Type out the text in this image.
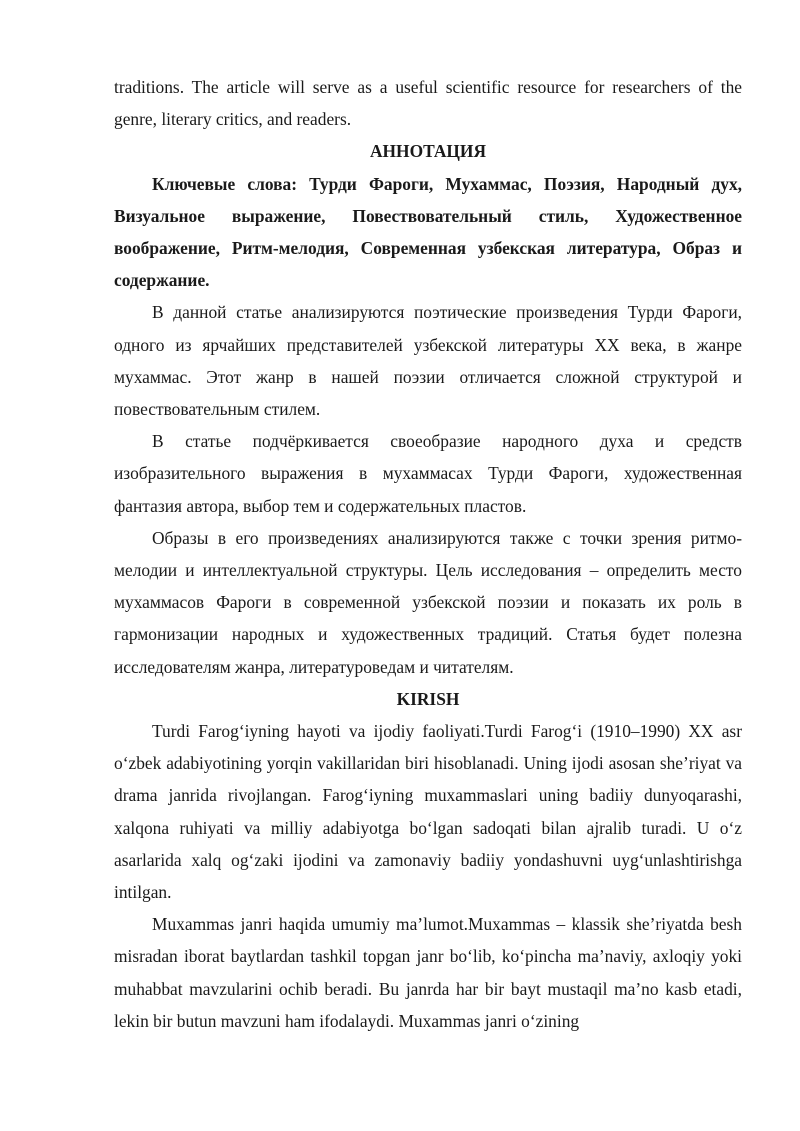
traditions. The article will serve as a useful scientific resource for researchers of the genre, literary critics, and readers.

АННОТАЦИЯ

Ключевые слова: Турди Фароги, Мухаммас, Поэзия, Народный дух, Визуальное выражение, Повествовательный стиль, Художественное воображение, Ритм-мелодия, Современная узбекская литература, Образ и содержание.

В данной статье анализируются поэтические произведения Турди Фароги, одного из ярчайших представителей узбекской литературы XX века, в жанре мухаммас. Этот жанр в нашей поэзии отличается сложной структурой и повествовательным стилем.

В статье подчёркивается своеобразие народного духа и средств изобразительного выражения в мухаммасах Турди Фароги, художественная фантазия автора, выбор тем и содержательных пластов.

Образы в его произведениях анализируются также с точки зрения ритмо-мелодии и интеллектуальной структуры. Цель исследования – определить место мухаммасов Фароги в современной узбекской поэзии и показать их роль в гармонизации народных и художественных традиций. Статья будет полезна исследователям жанра, литературоведам и читателям.

KIRISH

Turdi Farog‘iyning hayoti va ijodiy faoliyati.Turdi Farog‘i (1910–1990) XX asr o‘zbek adabiyotining yorqin vakillaridan biri hisoblanadi. Uning ijodi asosan she’riyat va drama janrida rivojlangan. Farog‘iyning muxammaslari uning badiiy dunyoqarashi, xalqona ruhiyati va milliy adabiyotga bo‘lgan sadoqati bilan ajralib turadi. U o‘z asarlarida xalq og‘zaki ijodini va zamonaviy badiiy yondashuvni uyg‘unlashtirishga intilgan.

Muxammas janri haqida umumiy ma’lumot.Muxammas – klassik she’riyatda besh misradan iborat baytlardan tashkil topgan janr bo‘lib, ko‘pincha ma’naviy, axloqiy yoki muhabbat mavzularini ochib beradi. Bu janrda har bir bayt mustaqil ma’no kasb etadi, lekin bir butun mavzuni ham ifodalaydi. Muxammas janri o‘zining
